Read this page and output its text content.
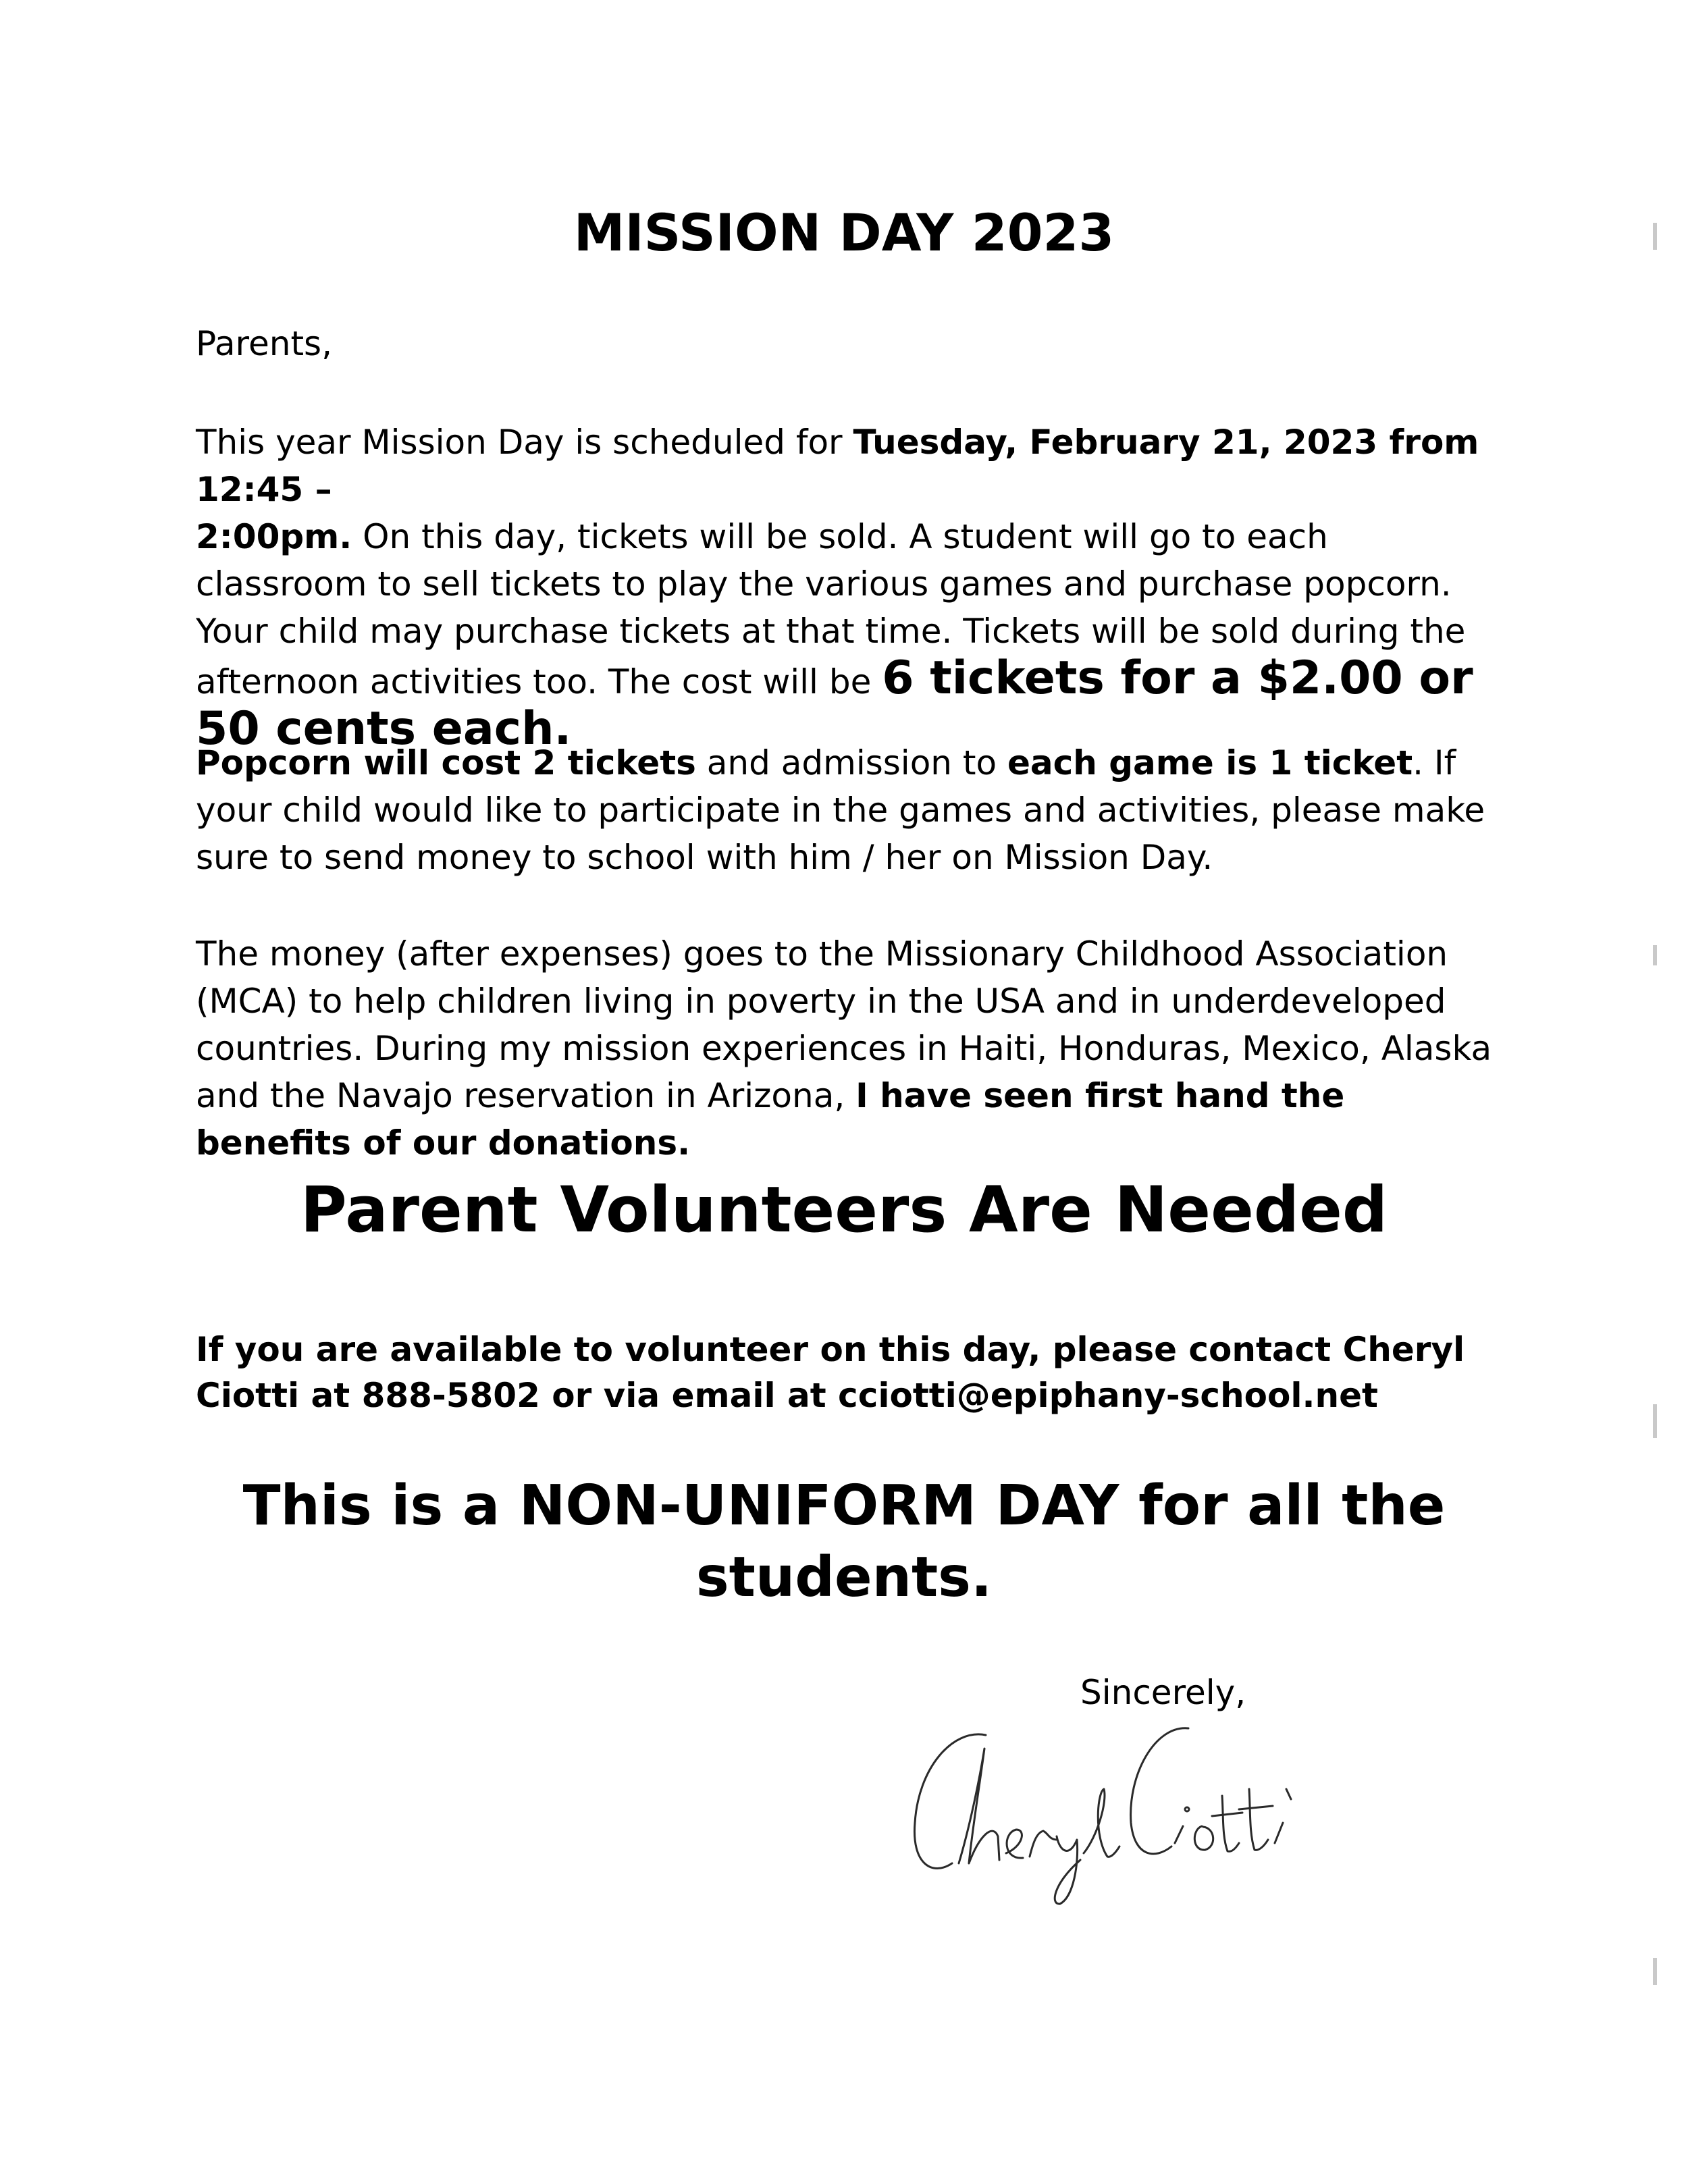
MISSION DAY 2023

Parents,

This year Mission Day is scheduled for Tuesday, February 21, 2023 from 12:45 –
2:00pm. On this day, tickets will be sold. A student will go to each classroom to sell tickets to play the various games and purchase popcorn. Your child may purchase tickets at that time. Tickets will be sold during the afternoon activities too. The cost will be 6 tickets for a $2.00 or 50 cents each.

Popcorn will cost 2 tickets and admission to each game is 1 ticket. If your child would like to participate in the games and activities, please make sure to send money to school with him / her on Mission Day.

The money (after expenses) goes to the Missionary Childhood Association (MCA) to help children living in poverty in the USA and in underdeveloped countries. During my mission experiences in Haiti, Honduras, Mexico, Alaska and the Navajo reservation in Arizona, I have seen first hand the benefits of our donations.

Parent Volunteers Are Needed

If you are available to volunteer on this day, please contact Cheryl Ciotti at 888-5802 or via email at cciotti@epiphany-school.net

This is a NON-UNIFORM DAY for all the
students.

Sincerely,
